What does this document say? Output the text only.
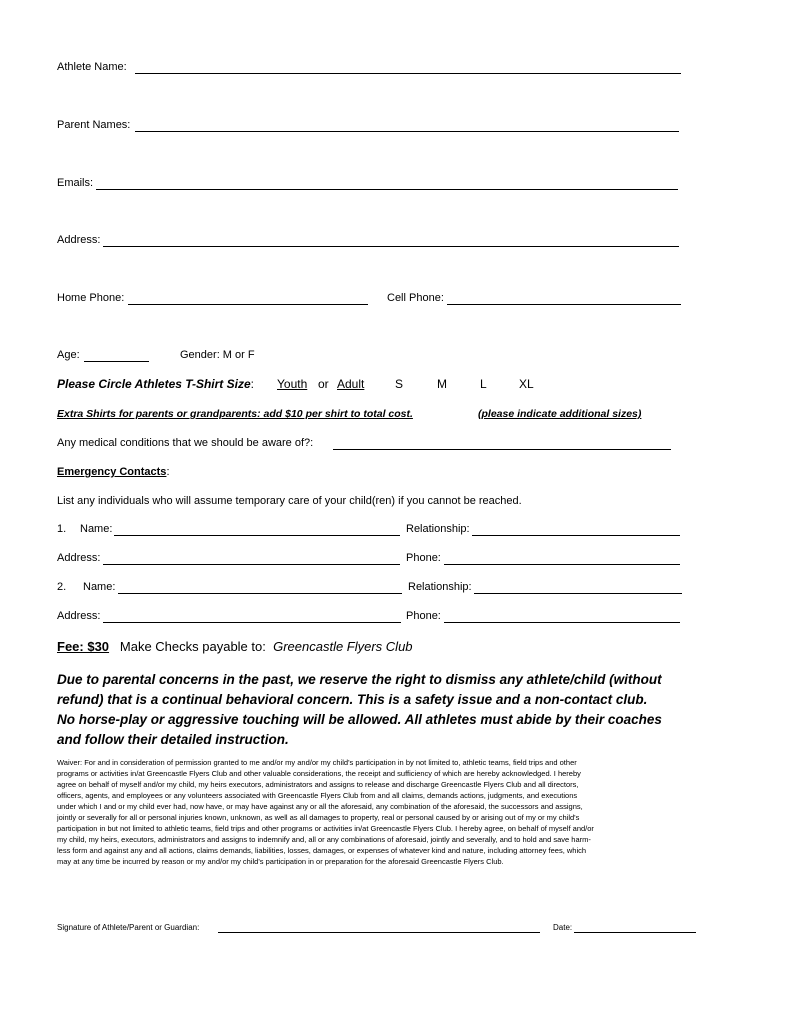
Athlete Name:
Parent Names:
Emails:
Address:
Home Phone:	Cell Phone:
Age:	Gender: M or F
Please Circle Athletes T-Shirt Size: Youth or Adult	S	M	L	XL
Extra Shirts for parents or grandparents: add $10 per shirt to total cost.	(please indicate additional sizes)
Any medical conditions that we should be aware of?:
Emergency Contacts:
List any individuals who will assume temporary care of your child(ren) if you cannot be reached.
1. Name:	Relationship:
Address:	Phone:
2. Name:	Relationship:
Address:	Phone:
Fee: $30 Make Checks payable to: Greencastle Flyers Club
Due to parental concerns in the past, we reserve the right to dismiss any athlete/child (without
refund) that is a continual behavioral concern. This is a safety issue and a non-contact club.
No horse-play or aggressive touching will be allowed. All athletes must abide by their coaches
and follow their detailed instruction.
Waiver: For and in consideration of permission granted to me and/or my and/or my child's participation in by not limited to, athletic teams, field trips and other
programs or activities in/at Greencastle Flyers Club and other valuable considerations, the receipt and sufficiency of which are hereby acknowledged. I hereby
agree on behalf of myself and/or my child, my heirs executors, administrators and assigns to release and discharge Greencastle Flyers Club and all directors,
officers, agents, and employees or any volunteers associated with Greencastle Flyers Club from and all claims, demands actions, judgments, and executions
under which I and or my child ever had, now have, or may have against any or all the aforesaid, any combination of the aforesaid, the successors and assigns,
jointly or severally for all or personal injuries known, unknown, as well as all damages to property, real or personal caused by or arising out of my or my child's
participation in but not limited to athletic teams, field trips and other programs or activities in/at Greencastle Flyers Club. I hereby agree, on behalf of myself and/or
my child, my heirs, executors, administrators and assigns to indemnify and, all or any combinations of aforesaid, jointly and severally, and to hold and save harm-
less form and against any and all actions, claims demands, liabilities, losses, damages, or expenses of whatever kind and nature, including attorney fees, which
may at any time be incurred by reason or my and/or my child's participation in or preparation for the aforesaid Greencastle Flyers Club.
Signature of Athlete/Parent or Guardian:	Date:
